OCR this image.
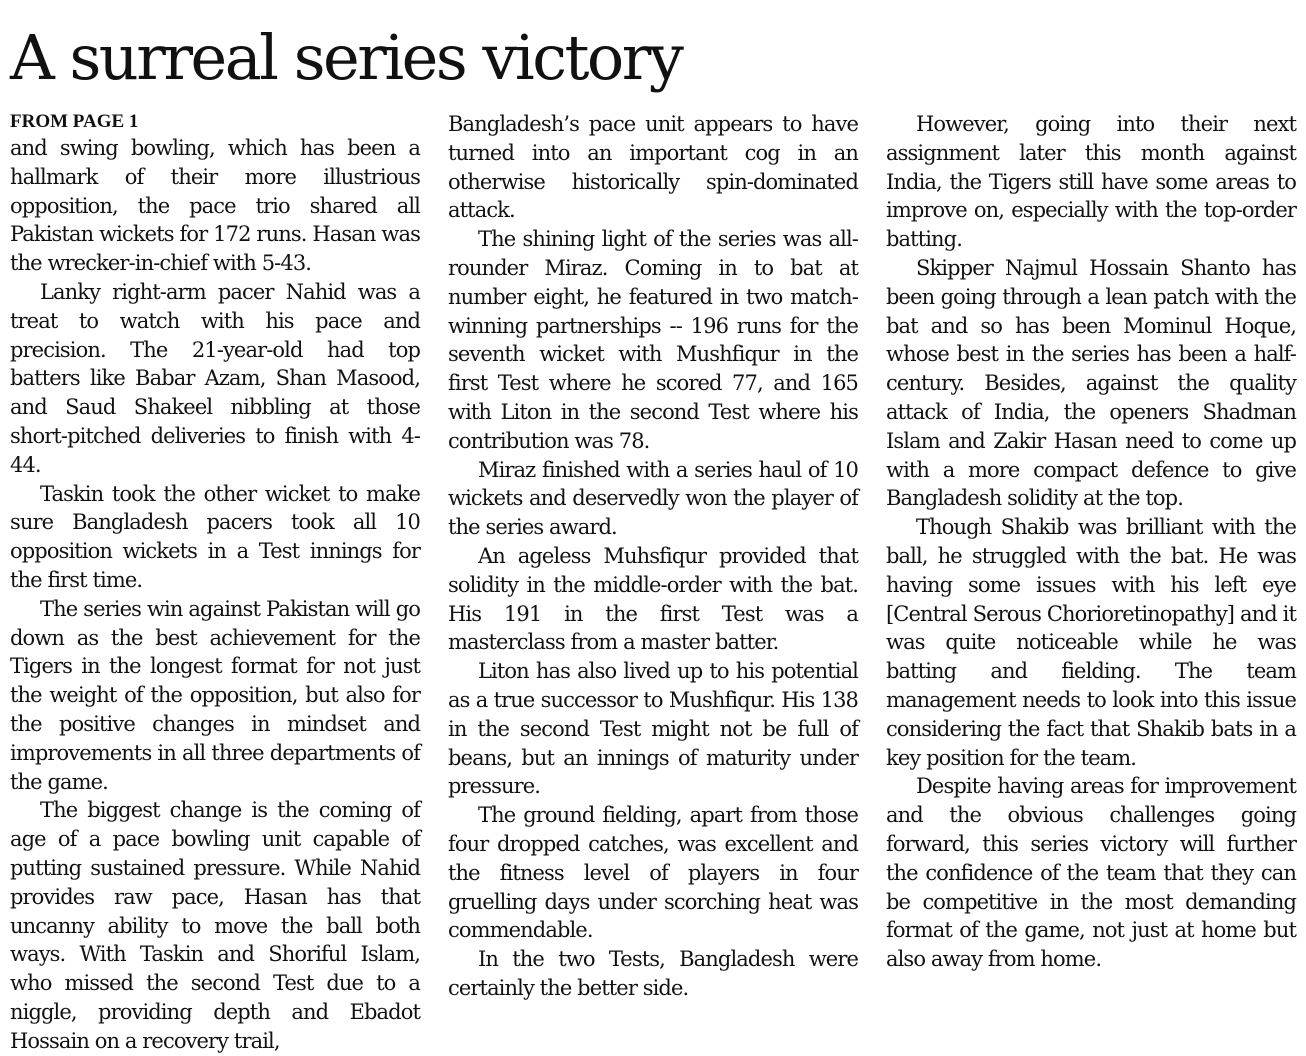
A surreal series victory
FROM PAGE 1

and swing bowling, which has been a hallmark of their more illustrious opposition, the pace trio shared all Pakistan wickets for 172 runs. Hasan was the wrecker-in-chief with 5-43.

Lanky right-arm pacer Nahid was a treat to watch with his pace and precision. The 21-year-old had top batters like Babar Azam, Shan Masood, and Saud Shakeel nibbling at those short-pitched deliveries to finish with 4-44.

Taskin took the other wicket to make sure Bangladesh pacers took all 10 opposition wickets in a Test innings for the first time.

The series win against Pakistan will go down as the best achievement for the Tigers in the longest format for not just the weight of the opposition, but also for the positive changes in mindset and improvements in all three departments of the game.

The biggest change is the coming of age of a pace bowling unit capable of putting sustained pressure. While Nahid provides raw pace, Hasan has that uncanny ability to move the ball both ways. With Taskin and Shoriful Islam, who missed the second Test due to a niggle, providing depth and Ebadot Hossain on a recovery trail,

Bangladesh’s pace unit appears to have turned into an important cog in an otherwise historically spin-dominated attack.

The shining light of the series was all-rounder Miraz. Coming in to bat at number eight, he featured in two match-winning partnerships -- 196 runs for the seventh wicket with Mushfiqur in the first Test where he scored 77, and 165 with Liton in the second Test where his contribution was 78.

Miraz finished with a series haul of 10 wickets and deservedly won the player of the series award.

An ageless Muhsfiqur provided that solidity in the middle-order with the bat. His 191 in the first Test was a masterclass from a master batter.

Liton has also lived up to his potential as a true successor to Mushfiqur. His 138 in the second Test might not be full of beans, but an innings of maturity under pressure.

The ground fielding, apart from those four dropped catches, was excellent and the fitness level of players in four gruelling days under scorching heat was commendable.

In the two Tests, Bangladesh were certainly the better side.

However, going into their next assignment later this month against India, the Tigers still have some areas to improve on, especially with the top-order batting.

Skipper Najmul Hossain Shanto has been going through a lean patch with the bat and so has been Mominul Hoque, whose best in the series has been a half-century. Besides, against the quality attack of India, the openers Shadman Islam and Zakir Hasan need to come up with a more compact defence to give Bangladesh solidity at the top.

Though Shakib was brilliant with the ball, he struggled with the bat. He was having some issues with his left eye [Central Serous Chorioretinopathy] and it was quite noticeable while he was batting and fielding. The team management needs to look into this issue considering the fact that Shakib bats in a key position for the team.

Despite having areas for improvement and the obvious challenges going forward, this series victory will further the confidence of the team that they can be competitive in the most demanding format of the game, not just at home but also away from home.
